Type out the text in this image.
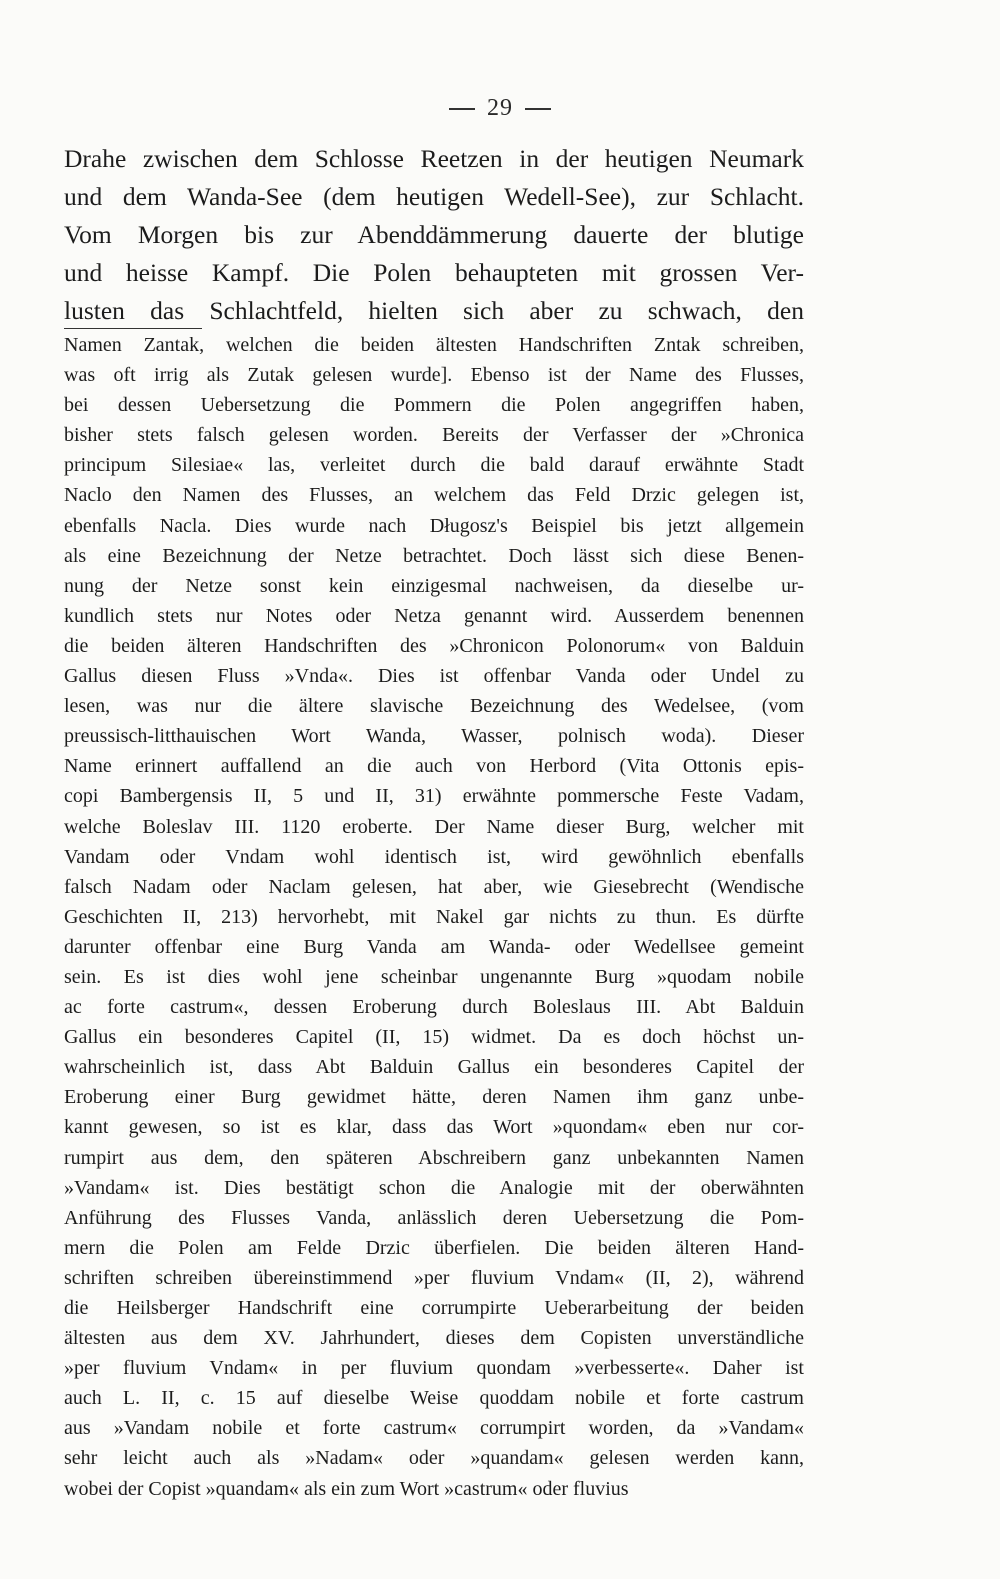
29
Drahe zwischen dem Schlosse Reetzen in der heutigen Neumark
und dem Wanda-See (dem heutigen Wedell-See), zur Schlacht.
Vom Morgen bis zur Abenddämmerung dauerte der blutige
und heisse Kampf. Die Polen behaupteten mit grossen Ver-
lusten das Schlachtfeld, hielten sich aber zu schwach, den
Namen Zantak, welchen die beiden ältesten Handschriften Zntak schreiben,
was oft irrig als Zutak gelesen wurde]. Ebenso ist der Name des Flusses,
bei dessen Uebersetzung die Pommern die Polen angegriffen haben,
bisher stets falsch gelesen worden. Bereits der Verfasser der »Chronica
principum Silesiae« las, verleitet durch die bald darauf erwähnte Stadt
Naclo den Namen des Flusses, an welchem das Feld Drzic gelegen ist,
ebenfalls Nacla. Dies wurde nach Długosz's Beispiel bis jetzt allgemein
als eine Bezeichnung der Netze betrachtet. Doch lässt sich diese Benen-
nung der Netze sonst kein einzigesmal nachweisen, da dieselbe ur-
kundlich stets nur Notes oder Netza genannt wird. Ausserdem benennen
die beiden älteren Handschriften des »Chronicon Polonorum« von Balduin
Gallus diesen Fluss »Vnda«. Dies ist offenbar Vanda oder Undel zu
lesen, was nur die ältere slavische Bezeichnung des Wedelsee, (vom
preussisch-litthauischen Wort Wanda, Wasser, polnisch woda). Dieser
Name erinnert auffallend an die auch von Herbord (Vita Ottonis epis-
copi Bambergensis II, 5 und II, 31) erwähnte pommersche Feste Vadam,
welche Boleslav III. 1120 eroberte. Der Name dieser Burg, welcher mit
Vandam oder Vndam wohl identisch ist, wird gewöhnlich ebenfalls
falsch Nadam oder Naclam gelesen, hat aber, wie Giesebrecht (Wendische
Geschichten II, 213) hervorhebt, mit Nakel gar nichts zu thun. Es dürfte
darunter offenbar eine Burg Vanda am Wanda- oder Wedellsee gemeint
sein. Es ist dies wohl jene scheinbar ungenannte Burg »quodam nobile
ac forte castrum«, dessen Eroberung durch Boleslaus III. Abt Balduin
Gallus ein besonderes Capitel (II, 15) widmet. Da es doch höchst un-
wahrscheinlich ist, dass Abt Balduin Gallus ein besonderes Capitel der
Eroberung einer Burg gewidmet hätte, deren Namen ihm ganz unbe-
kannt gewesen, so ist es klar, dass das Wort »quondam« eben nur cor-
rumpirt aus dem, den späteren Abschreibern ganz unbekannten Namen
»Vandam« ist. Dies bestätigt schon die Analogie mit der oberwähnten
Anführung des Flusses Vanda, anlässlich deren Uebersetzung die Pom-
mern die Polen am Felde Drzic überfielen. Die beiden älteren Hand-
schriften schreiben übereinstimmend »per fluvium Vndam« (II, 2), während
die Heilsberger Handschrift eine corrumpirte Ueberarbeitung der beiden
ältesten aus dem XV. Jahrhundert, dieses dem Copisten unverständliche
»per fluvium Vndam« in per fluvium quondam »verbesserte«. Daher ist
auch L. II, c. 15 auf dieselbe Weise quoddam nobile et forte castrum
aus »Vandam nobile et forte castrum« corrumpirt worden, da »Vandam«
sehr leicht auch als »Nadam« oder »quandam« gelesen werden kann,
wobei der Copist »quandam« als ein zum Wort »castrum« oder fluvius
